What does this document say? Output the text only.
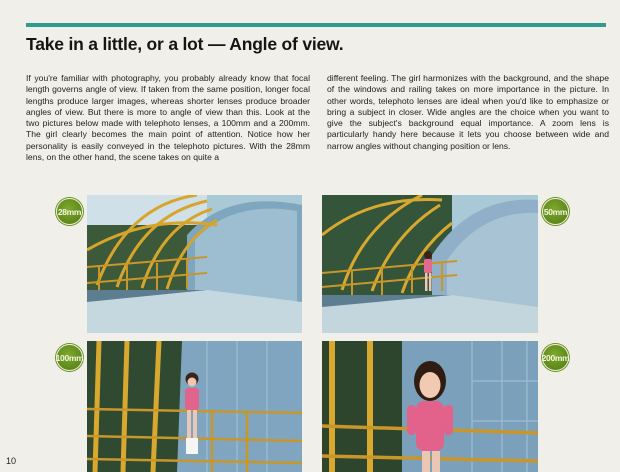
Take in a little, or a lot — Angle of view.

If you're familiar with photography, you probably already know that focal length governs angle of view. If taken from the same position, longer focal lengths produce larger images, whereas shorter lenses produce broader angles of view. But there is more to angle of view than this. Look at the two pictures below made with telephoto lenses, a 100mm and a 200mm. The girl clearly becomes the main point of attention. Notice how her personality is easily conveyed in the telephoto pictures. With the 28mm lens, on the other hand, the scene takes on quite a

different feeling. The girl harmonizes with the background, and the shape of the windows and railing takes on more importance in the picture. In other words, telephoto lenses are ideal when you'd like to emphasize or bring a subject in closer. Wide angles are the choice when you want to give the subject's background equal importance. A zoom lens is particularly handy here because it lets you choose between wide and narrow angles without changing position or lens.

28mm	50mm
100mm	200mm
10
